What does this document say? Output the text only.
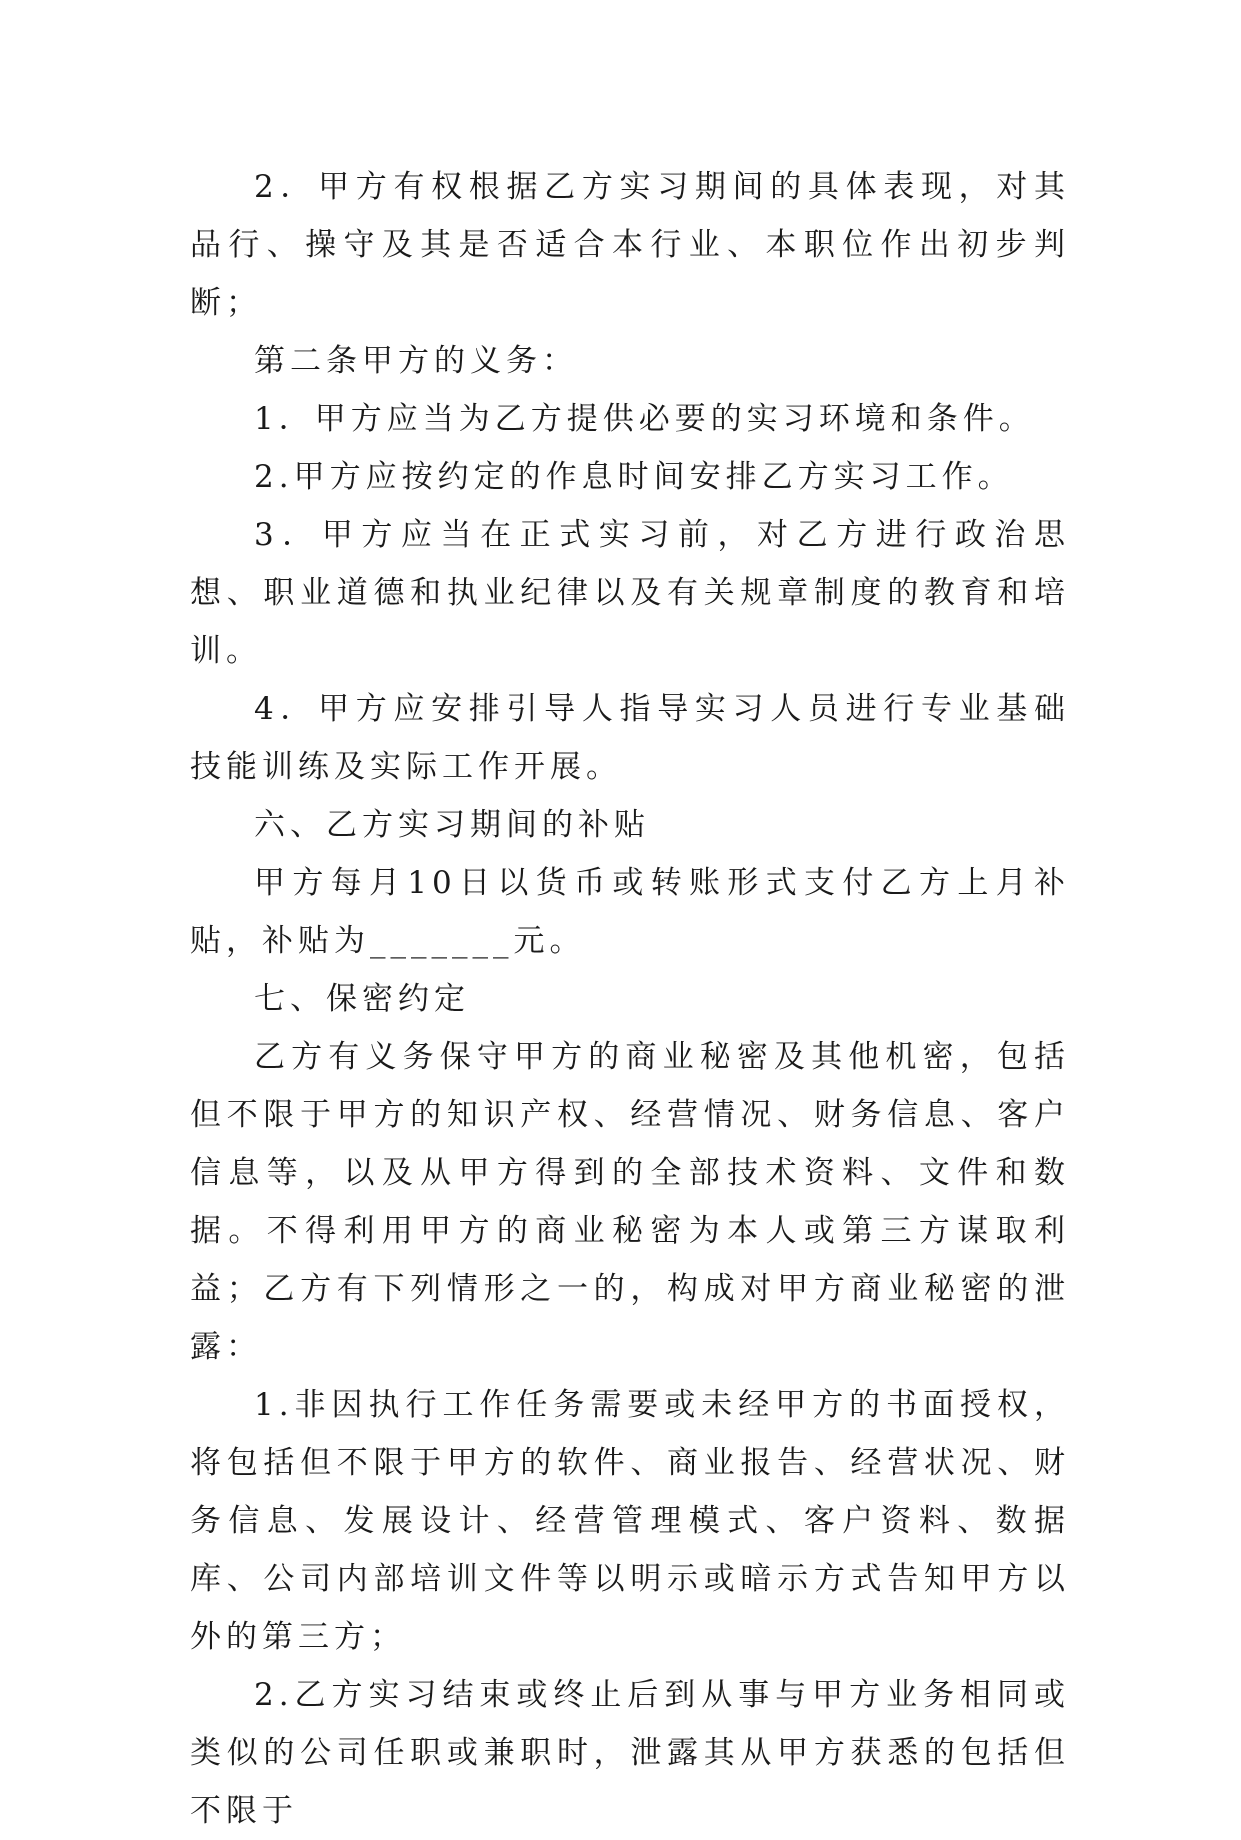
2．甲方有权根据乙方实习期间的具体表现，对其品行、操守及其是否适合本行业、本职位作出初步判断；

第二条甲方的义务：

1．甲方应当为乙方提供必要的实习环境和条件。

2.甲方应按约定的作息时间安排乙方实习工作。

3．甲方应当在正式实习前，对乙方进行政治思想、职业道德和执业纪律以及有关规章制度的教育和培训。

4．甲方应安排引导人指导实习人员进行专业基础技能训练及实际工作开展。

六、乙方实习期间的补贴

甲方每月10日以货币或转账形式支付乙方上月补贴，补贴为_______元。

七、保密约定

乙方有义务保守甲方的商业秘密及其他机密，包括但不限于甲方的知识产权、经营情况、财务信息、客户信息等，以及从甲方得到的全部技术资料、文件和数据。不得利用甲方的商业秘密为本人或第三方谋取利益；乙方有下列情形之一的，构成对甲方商业秘密的泄露：

1.非因执行工作任务需要或未经甲方的书面授权，将包括但不限于甲方的软件、商业报告、经营状况、财务信息、发展设计、经营管理模式、客户资料、数据库、公司内部培训文件等以明示或暗示方式告知甲方以外的第三方；

2.乙方实习结束或终止后到从事与甲方业务相同或类似的公司任职或兼职时，泄露其从甲方获悉的包括但不限于
